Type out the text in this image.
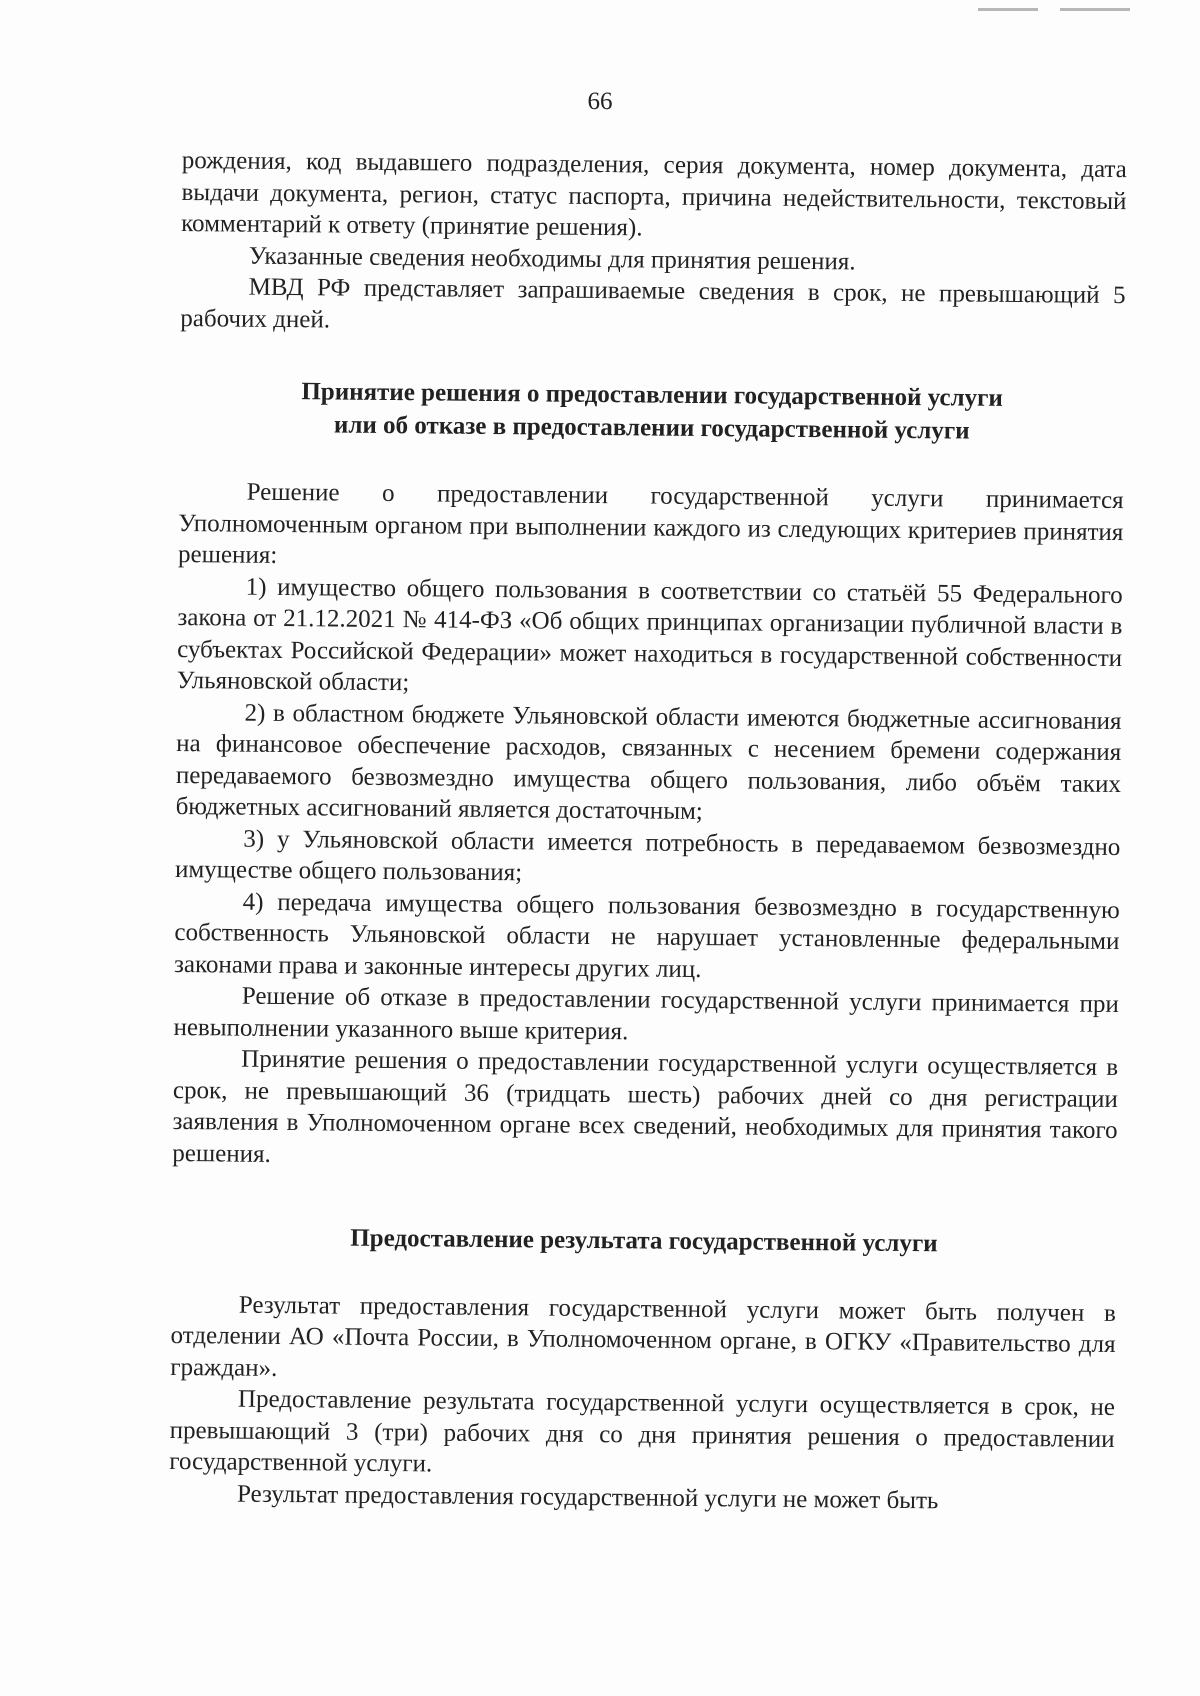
66

рождения, код выдавшего подразделения, серия документа, номер документа, дата выдачи документа, регион, статус паспорта, причина недействительности, текстовый комментарий к ответу (принятие решения).

Указанные сведения необходимы для принятия решения.

МВД РФ представляет запрашиваемые сведения в срок, не превышающий 5 рабочих дней.

Принятие решения о предоставлении государственной услуги
или об отказе в предоставлении государственной услуги

Решение о предоставлении государственной услуги принимается Уполномоченным органом при выполнении каждого из следующих критериев принятия решения:

1) имущество общего пользования в соответствии со статьёй 55 Федерального закона от 21.12.2021 № 414-ФЗ «Об общих принципах организации публичной власти в субъектах Российской Федерации» может находиться в государственной собственности Ульяновской области;

2) в областном бюджете Ульяновской области имеются бюджетные ассигнования на финансовое обеспечение расходов, связанных с несением бремени содержания передаваемого безвозмездно имущества общего пользования, либо объём таких бюджетных ассигнований является достаточным;

3) у Ульяновской области имеется потребность в передаваемом безвозмездно имуществе общего пользования;

4) передача имущества общего пользования безвозмездно в государственную собственность Ульяновской области не нарушает установленные федеральными законами права и законные интересы других лиц.

Решение об отказе в предоставлении государственной услуги принимается при невыполнении указанного выше критерия.

Принятие решения о предоставлении государственной услуги осуществляется в срок, не превышающий 36 (тридцать шесть) рабочих дней со дня регистрации заявления в Уполномоченном органе всех сведений, необходимых для принятия такого решения.

Предоставление результата государственной услуги

Результат предоставления государственной услуги может быть получен в отделении АО «Почта России, в Уполномоченном органе, в ОГКУ «Правительство для граждан».

Предоставление результата государственной услуги осуществляется в срок, не превышающий 3 (три) рабочих дня со дня принятия решения о предоставлении государственной услуги.

Результат предоставления государственной услуги не может быть
